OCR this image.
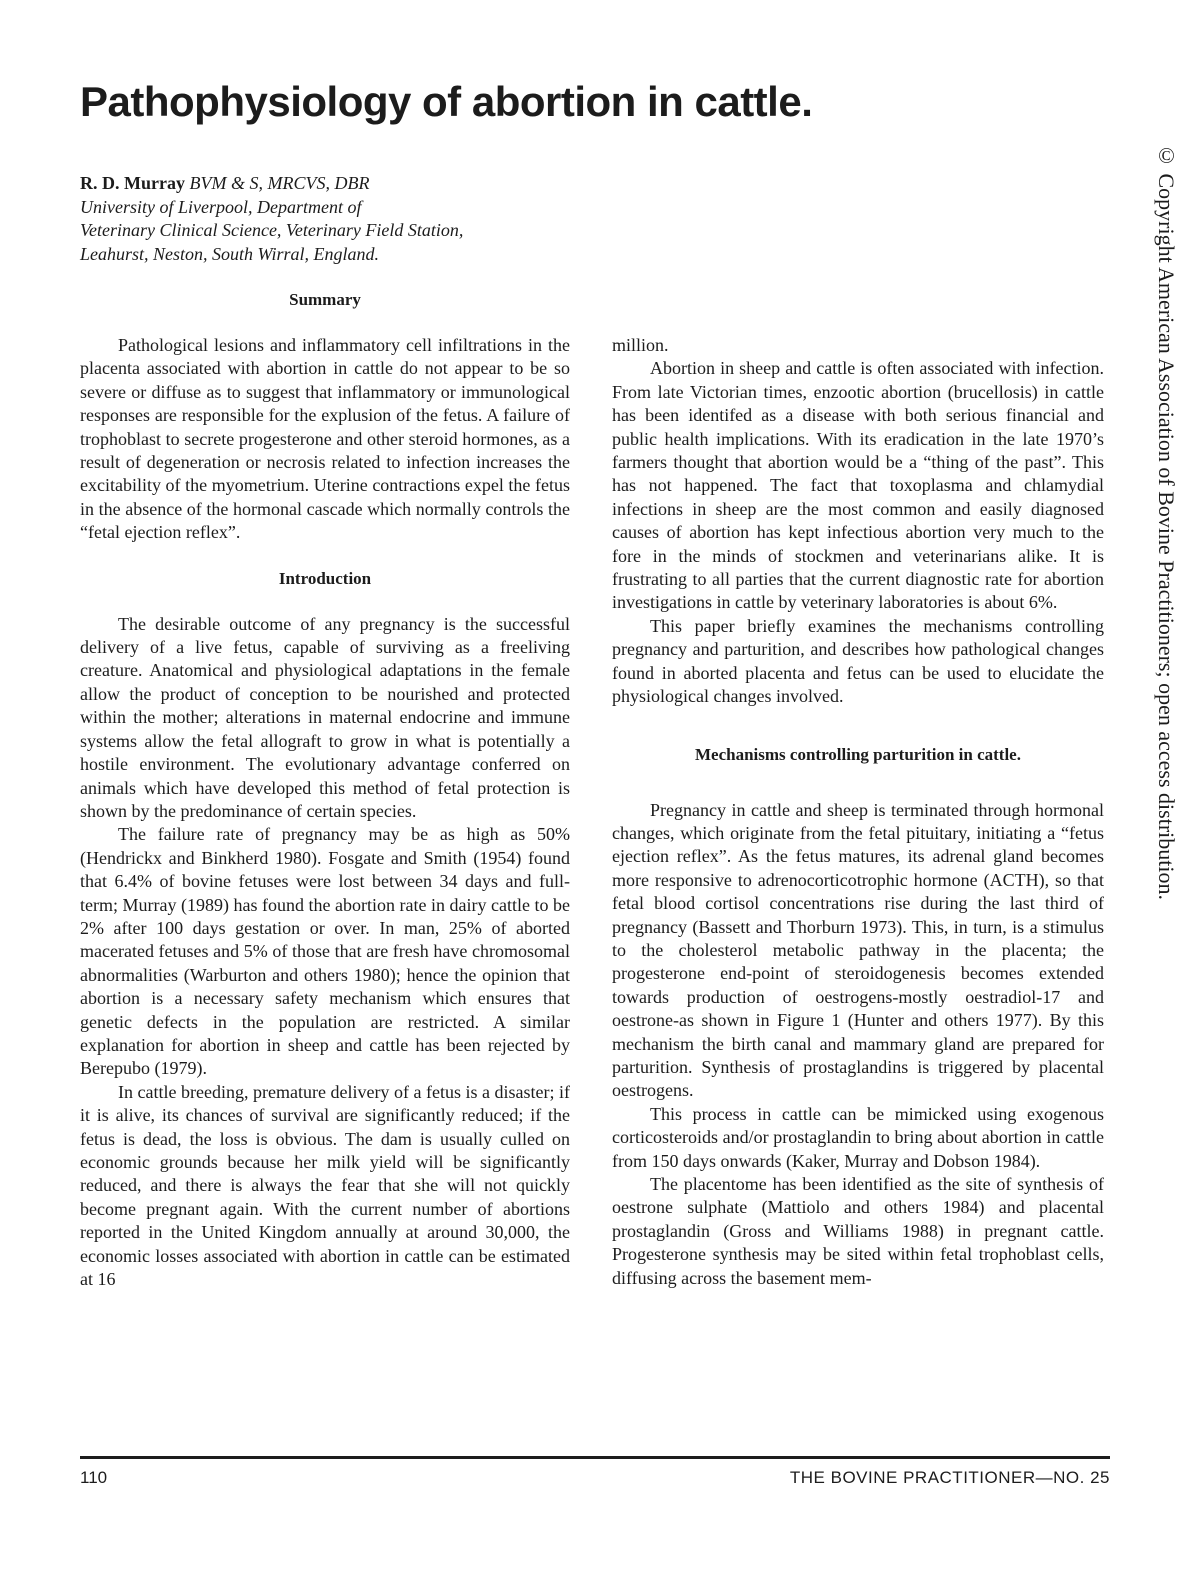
Pathophysiology of abortion in cattle.
R. D. Murray BVM & S, MRCVS, DBR
University of Liverpool, Department of
Veterinary Clinical Science, Veterinary Field Station,
Leahurst, Neston, South Wirral, England.
Summary

Pathological lesions and inflammatory cell infiltrations in the placenta associated with abortion in cattle do not appear to be so severe or diffuse as to suggest that inflammatory or immunological responses are responsible for the explusion of the fetus. A failure of trophoblast to secrete progesterone and other steroid hormones, as a result of degeneration or necrosis related to infection increases the excitability of the myometrium. Uterine contractions expel the fetus in the absence of the hormonal cascade which normally controls the “fetal ejection reflex”.

Introduction

The desirable outcome of any pregnancy is the successful delivery of a live fetus, capable of surviving as a freeliving creature. Anatomical and physiological adaptations in the female allow the product of conception to be nourished and protected within the mother; alterations in maternal endocrine and immune systems allow the fetal allograft to grow in what is potentially a hostile environment. The evolutionary advantage conferred on animals which have developed this method of fetal protection is shown by the predominance of certain species.

The failure rate of pregnancy may be as high as 50% (Hendrickx and Binkherd 1980). Fosgate and Smith (1954) found that 6.4% of bovine fetuses were lost between 34 days and full-term; Murray (1989) has found the abortion rate in dairy cattle to be 2% after 100 days gestation or over. In man, 25% of aborted macerated fetuses and 5% of those that are fresh have chromosomal abnormalities (Warburton and others 1980); hence the opinion that abortion is a necessary safety mechanism which ensures that genetic defects in the population are restricted. A similar explanation for abortion in sheep and cattle has been rejected by Berepubo (1979).

In cattle breeding, premature delivery of a fetus is a disaster; if it is alive, its chances of survival are significantly reduced; if the fetus is dead, the loss is obvious. The dam is usually culled on economic grounds because her milk yield will be significantly reduced, and there is always the fear that she will not quickly become pregnant again. With the current number of abortions reported in the United Kingdom annually at around 30,000, the economic losses associated with abortion in cattle can be estimated at 16

million.

Abortion in sheep and cattle is often associated with infection. From late Victorian times, enzootic abortion (brucellosis) in cattle has been identifed as a disease with both serious financial and public health implications. With its eradication in the late 1970’s farmers thought that abortion would be a “thing of the past”. This has not happened. The fact that toxoplasma and chlamydial infections in sheep are the most common and easily diagnosed causes of abortion has kept infectious abortion very much to the fore in the minds of stockmen and veterinarians alike. It is frustrating to all parties that the current diagnostic rate for abortion investigations in cattle by veterinary laboratories is about 6%.

This paper briefly examines the mechanisms controlling pregnancy and parturition, and describes how pathological changes found in aborted placenta and fetus can be used to elucidate the physiological changes involved.

Mechanisms controlling parturition in cattle.

Pregnancy in cattle and sheep is terminated through hormonal changes, which originate from the fetal pituitary, initiating a “fetus ejection reflex”. As the fetus matures, its adrenal gland becomes more responsive to adrenocorticotrophic hormone (ACTH), so that fetal blood cortisol concentrations rise during the last third of pregnancy (Bassett and Thorburn 1973). This, in turn, is a stimulus to the cholesterol metabolic pathway in the placenta; the progesterone end-point of steroidogenesis becomes extended towards production of oestrogens-mostly oestradiol-17 and oestrone-as shown in Figure 1 (Hunter and others 1977). By this mechanism the birth canal and mammary gland are prepared for parturition. Synthesis of prostaglandins is triggered by placental oestrogens.

This process in cattle can be mimicked using exogenous corticosteroids and/or prostaglandin to bring about abortion in cattle from 150 days onwards (Kaker, Murray and Dobson 1984).

The placentome has been identified as the site of synthesis of oestrone sulphate (Mattiolo and others 1984) and placental prostaglandin (Gross and Williams 1988) in pregnant cattle. Progesterone synthesis may be sited within fetal trophoblast cells, diffusing across the basement mem-

© Copyright American Association of Bovine Practitioners; open access distribution.
110	THE BOVINE PRACTITIONER—NO. 25
